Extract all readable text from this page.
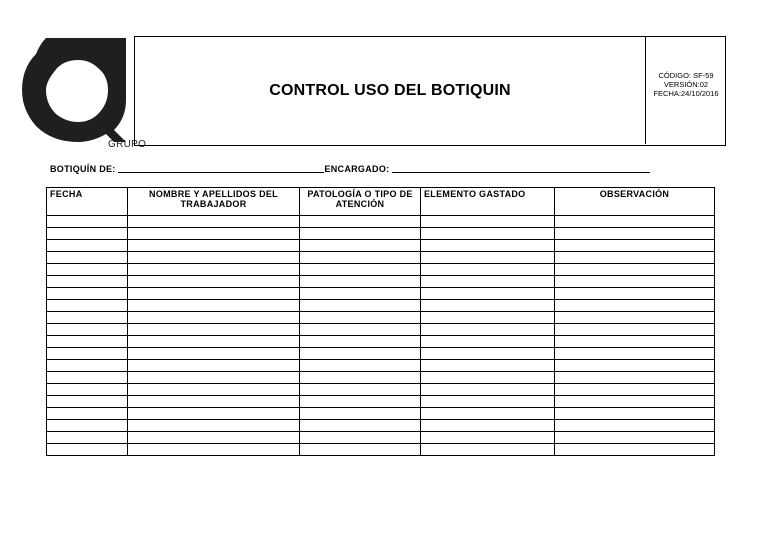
GRUPO
CONTROL USO DEL BOTIQUIN
CÓDIGO: SF-59
VERSIÓN:02
FECHA:24/10/2016
BOTIQUÍN DE:	ENCARGADO:
FECHA	NOMBRE Y APELLIDOS DEL TRABAJADOR	PATOLOGÍA O TIPO DE ATENCIÓN	ELEMENTO GASTADO	OBSERVACIÓN
